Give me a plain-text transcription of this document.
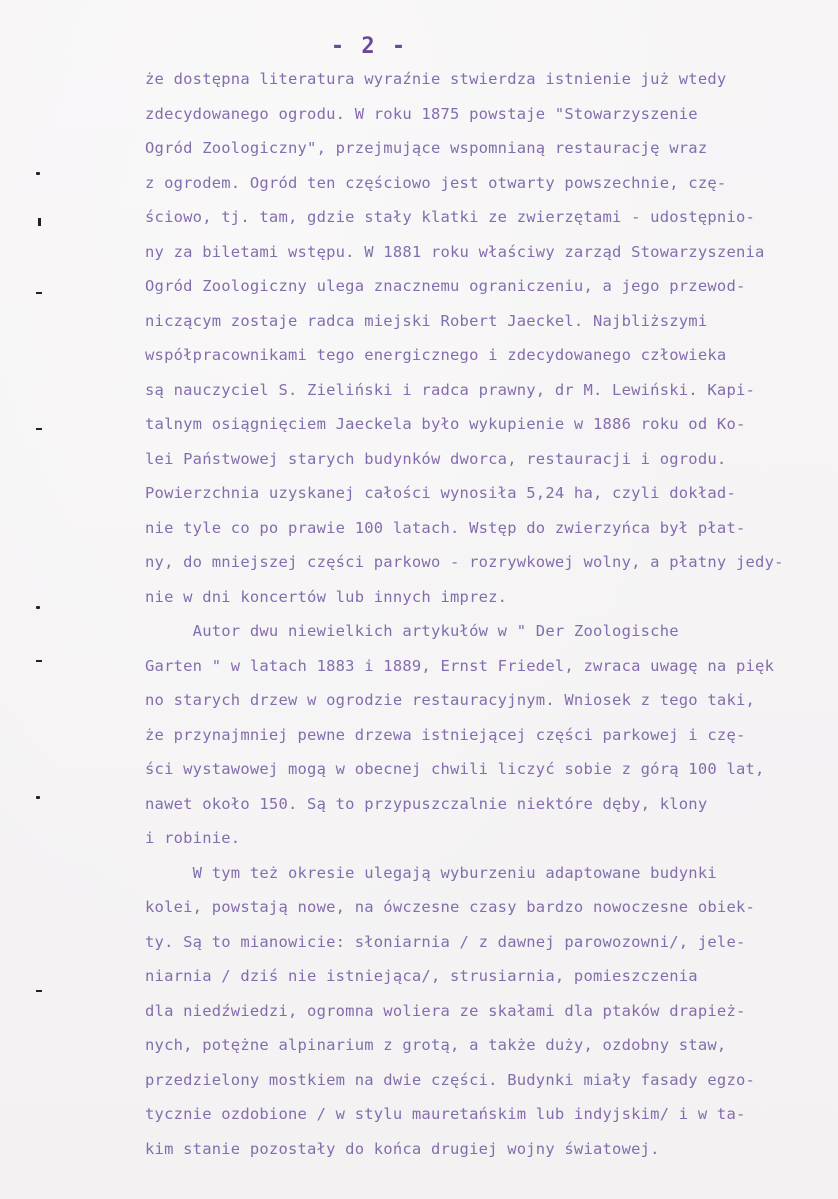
- 2 -
że dostępna literatura wyraźnie stwierdza istnienie już wtedy
zdecydowanego ogrodu. W roku 1875 powstaje "Stowarzyszenie
Ogród Zoologiczny", przejmujące wspomnianą restaurację wraz
z ogrodem. Ogród ten częściowo jest otwarty powszechnie, czę-
ściowo, tj. tam, gdzie stały klatki ze zwierzętami - udostępnio-
ny za biletami wstępu. W 1881 roku właściwy zarząd Stowarzyszenia
Ogród Zoologiczny ulega znacznemu ograniczeniu, a jego przewod-
niczącym zostaje radca miejski Robert Jaeckel. Najbliższymi
współpracownikami tego energicznego i zdecydowanego człowieka
są nauczyciel S. Zieliński i radca prawny, dr M. Lewiński. Kapi-
talnym osiągnięciem Jaeckela było wykupienie w 1886 roku od Ko-
lei Państwowej starych budynków dworca, restauracji i ogrodu.
Powierzchnia uzyskanej całości wynosiła 5,24 ha, czyli dokład-
nie tyle co po prawie 100 latach. Wstęp do zwierzyńca był płat-
ny, do mniejszej części parkowo - rozrywkowej wolny, a płatny jedy-
nie w dni koncertów lub innych imprez.
Autor dwu niewielkich artykułów w " Der Zoologische
Garten " w latach 1883 i 1889, Ernst Friedel, zwraca uwagę na pięk
no starych drzew w ogrodzie restauracyjnym. Wniosek z tego taki,
że przynajmniej pewne drzewa istniejącej części parkowej i czę-
ści wystawowej mogą w obecnej chwili liczyć sobie z górą 100 lat,
nawet około 150. Są to przypuszczalnie niektóre dęby, klony
i robinie.
W tym też okresie ulegają wyburzeniu adaptowane budynki
kolei, powstają nowe, na ówczesne czasy bardzo nowoczesne obiek-
ty. Są to mianowicie: słoniarnia / z dawnej parowozowni/, jele-
niarnia / dziś nie istniejąca/, strusiarnia, pomieszczenia
dla niedźwiedzi, ogromna woliera ze skałami dla ptaków drapież-
nych, potężne alpinarium z grotą, a także duży, ozdobny staw,
przedzielony mostkiem na dwie części. Budynki miały fasady egzo-
tycznie ozdobione / w stylu mauretańskim lub indyjskim/ i w ta-
kim stanie pozostały do końca drugiej wojny światowej.
